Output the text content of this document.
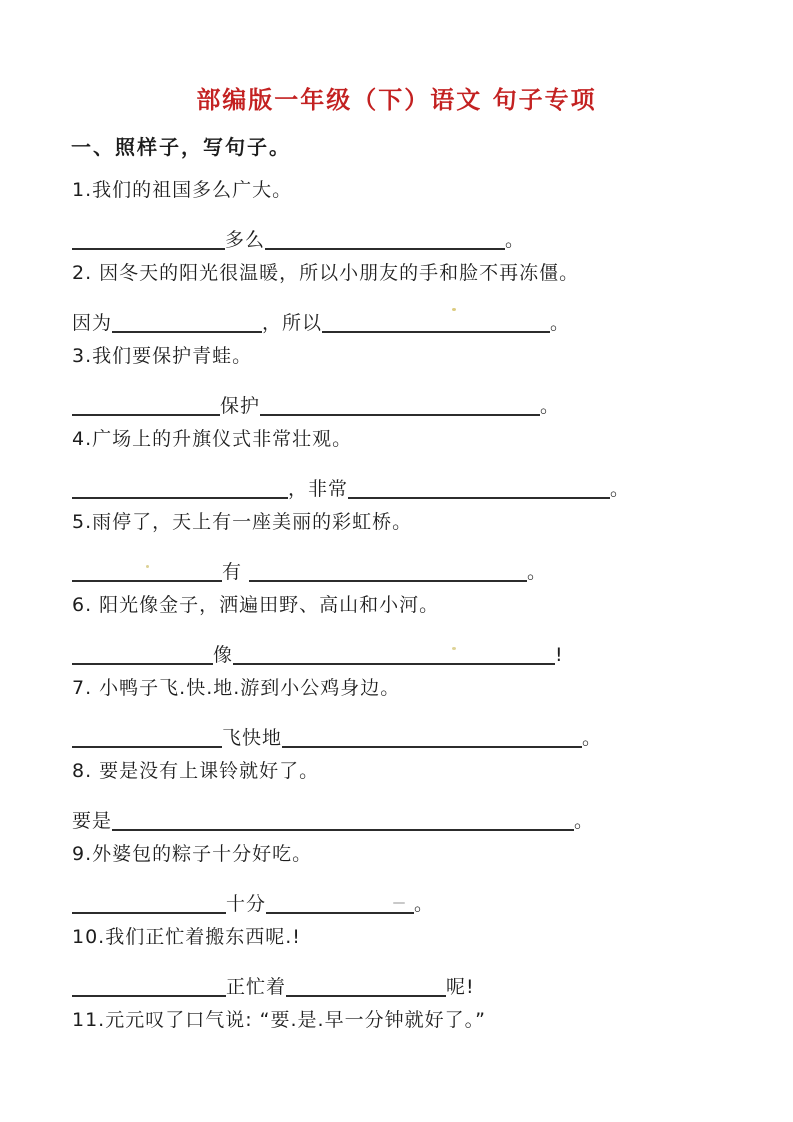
部编版一年级（下）语文 句子专项
一、照样子，写句子。
1.我们的祖国多么广大。
多么	。
2. 因冬天的阳光很温暖，所以小朋友的手和脸不再冻僵。
因为	，所以	。
3.我们要保护青蛙。
保护	。
4.广场上的升旗仪式非常壮观。
，非常	。
5.雨停了，天上有一座美丽的彩虹桥。
有	。
6. 阳光像金子，洒遍田野、高山和小河。
像	!
7. 小鸭子飞.快.地.游到小公鸡身边。
飞快地	。
8. 要是没有上课铃就好了。
要是	。
9.外婆包的粽子十分好吃。
十分	。
10.我们正忙着搬东西呢.!
正忙着	呢!
11.元元叹了口气说: “要.是.早一分钟就好了。”
